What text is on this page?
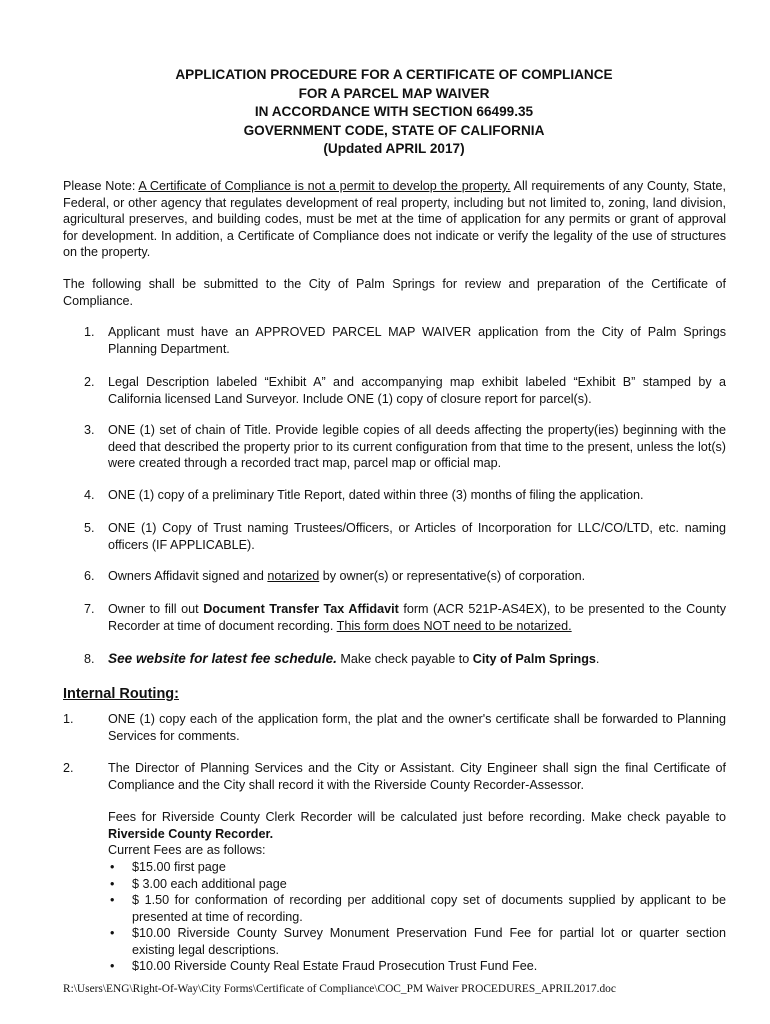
APPLICATION PROCEDURE FOR A CERTIFICATE OF COMPLIANCE
FOR A PARCEL MAP WAIVER
IN ACCORDANCE WITH SECTION 66499.35
GOVERNMENT CODE, STATE OF CALIFORNIA
(Updated APRIL 2017)
Please Note: A Certificate of Compliance is not a permit to develop the property. All requirements of any County, State, Federal, or other agency that regulates development of real property, including but not limited to, zoning, land division, agricultural preserves, and building codes, must be met at the time of application for any permits or grant of approval for development. In addition, a Certificate of Compliance does not indicate or verify the legality of the use of structures on the property.
The following shall be submitted to the City of Palm Springs for review and preparation of the Certificate of Compliance.
1. Applicant must have an APPROVED PARCEL MAP WAIVER application from the City of Palm Springs Planning Department.
2. Legal Description labeled “Exhibit A” and accompanying map exhibit labeled “Exhibit B” stamped by a California licensed Land Surveyor. Include ONE (1) copy of closure report for parcel(s).
3. ONE (1) set of chain of Title. Provide legible copies of all deeds affecting the property(ies) beginning with the deed that described the property prior to its current configuration from that time to the present, unless the lot(s) were created through a recorded tract map, parcel map or official map.
4. ONE (1) copy of a preliminary Title Report, dated within three (3) months of filing the application.
5. ONE (1) Copy of Trust naming Trustees/Officers, or Articles of Incorporation for LLC/CO/LTD, etc. naming officers (IF APPLICABLE).
6. Owners Affidavit signed and notarized by owner(s) or representative(s) of corporation.
7. Owner to fill out Document Transfer Tax Affidavit form (ACR 521P-AS4EX), to be presented to the County Recorder at time of document recording. This form does NOT need to be notarized.
8. See website for latest fee schedule. Make check payable to City of Palm Springs.
Internal Routing:
1.	ONE (1) copy each of the application form, the plat and the owner's certificate shall be forwarded to Planning Services for comments.
2.	The Director of Planning Services and the City or Assistant. City Engineer shall sign the final Certificate of Compliance and the City shall record it with the Riverside County Recorder-Assessor.
Fees for Riverside County Clerk Recorder will be calculated just before recording. Make check payable to Riverside County Recorder.
Current Fees are as follows:
• $15.00 first page
• $ 3.00 each additional page
• $ 1.50 for conformation of recording per additional copy set of documents supplied by applicant to be presented at time of recording.
• $10.00 Riverside County Survey Monument Preservation Fund Fee for partial lot or quarter section existing legal descriptions.
• $10.00 Riverside County Real Estate Fraud Prosecution Trust Fund Fee.
R:\Users\ENG\Right-Of-Way\City Forms\Certificate of Compliance\COC_PM Waiver PROCEDURES_APRIL2017.doc
